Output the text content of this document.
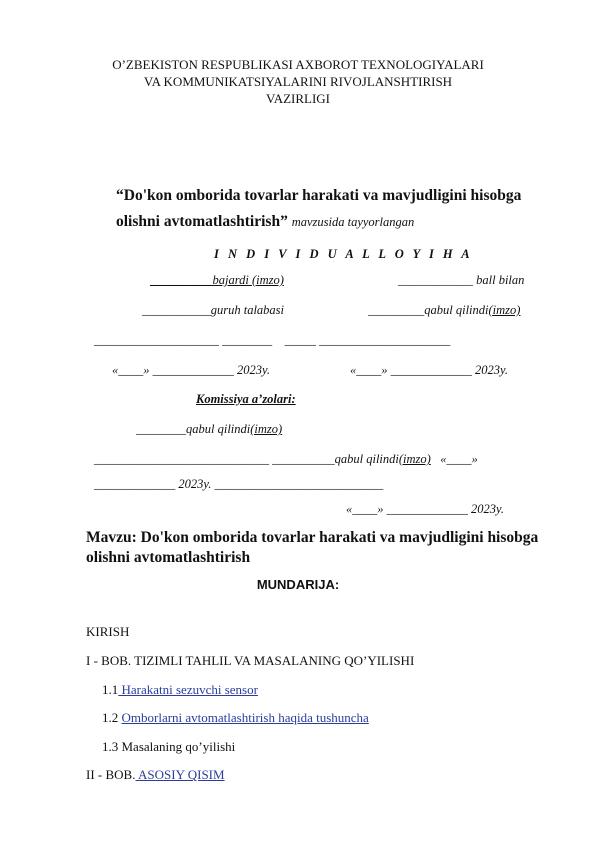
O’ZBEKISTON RESPUBLIKASI AXBOROT TEXNOLOGIYALARI
VA KOMMUNIKATSIYALARINI RIVOJLANSHTIRISH
VAZIRLIGI
“Do'kon omborida tovarlar harakati va mavjudligini hisobga
olishni avtomatlashtirish” mavzusida tayyorlangan
I N D I V I D U A L L O Y I H A
__________bajardi (imzo)	____________ ball bilan
___________guruh talabasi	_________qabul qilindi(imzo)
____________________ ________ _____ _____________________
«____» _____________ 2023y.	«____» _____________ 2023y.
Komissiya a’zolari:
________qabul qilindi(imzo)
____________________________ __________qabul qilindi(imzo) «____»
_____________ 2023y. ___________________________
«____» _____________ 2023y.
Mavzu: Do'kon omborida tovarlar harakati va mavjudligini hisobga olishni avtomatlashtirish
MUNDARIJA:
KIRISH
I - BOB. TIZIMLI TAHLIL VA MASALANING QO’YILISHI
1.1 Harakatni sezuvchi sensor
1.2 Omborlarni avtomatlashtirish haqida tushuncha
1.3 Masalaning qo’yilishi
II - BOB. ASOSIY QISIM
